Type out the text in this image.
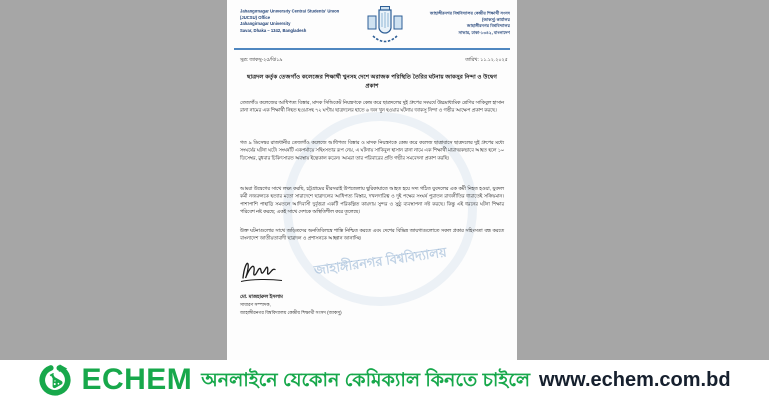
জাহাঙ্গীরনগর বিশ্ববিদ্যালয়
Jahangirnagar University Central Students' Union
(JUCSU) Office
Jahangirnagar University
Savar, Dhaka – 1342, Bangladesh
জাহাঙ্গীরনগর বিশ্ববিদ্যালয় কেন্দ্রীয় শিক্ষার্থী সংসদ
(জাকসু) কার্যালয়
জাহাঙ্গীরনগর বিশ্ববিদ্যালয়
সাভার, ঢাকা-১৩৪২, বাংলাদেশ
সূত্র: জাকসু-২৫/বি/১৯	তারিখ: ১১.১২.২০২৫
ছাত্রদল কর্তৃক তেজগাঁও কলেজের শিক্ষার্থী খুনসহ দেশে অরাজক পরিস্থিতি তৈরির ঘটনায় জাকসুর নিন্দা ও উদ্বেগ প্রকাশ
তেজগাঁও কলেজের আধিপত্য বিস্তার, মাদক সিন্ডিকেট নিয়ন্ত্রণকে কেন্দ্র করে ছাত্রদলের দুই গ্রুপের সংঘর্ষে উচ্চমাধ্যমিক শ্রেণির সাকিবুল হাসান রানা নামের এক শিক্ষার্থী নিহত হওয়াসহ ৭২ ঘণ্টায় ছাত্রদলের হাতে ৬ জন খুন হওয়ার ঘটনায় জাকসু নিন্দা ও গভীর আক্ষেপ প্রকাশ করছে।
গত ৯ ডিসেম্বর রাজধানীর তেজগাঁও কলেজে আধিপত্য বিস্তার ও মাদক নিয়ন্ত্রণকে কেন্দ্র করে কলেজ ছাত্রাবাসে ছাত্রদলের দুই গ্রুপের মধ্যে সংঘর্ষের ঘটনা ঘটে। সংঘর্ষটি একপর্যায়ে সহিংসতার রূপ নেয়, এ ঘটনায় সাকিবুল হাসান রানা নামে এক শিক্ষার্থী মারাত্মকভাবে আহত হলে ১০ ডিসেম্বর, বুধবার চিকিৎসারত অবস্থায় ইন্তেকাল করেন। আমরা তার পরিবারের প্রতি গভীর সমবেদনা প্রকাশ করছি।
আমরা উদ্বেগের সাথে লক্ষ্য করছি, চট্টগ্রামের মীরসরাই উপজেলায় ছুরিকাঘাতে আহত হয়ে সদ্য গঠিত যুবদলের এক কর্মী নিহত হওয়া, যুবদল কর্মী নজরুলকে হত্যার মতো সারাদেশে ছাত্রদলের আধিপত্য বিস্তার, দখলদারিত্ব ও দুই পক্ষের সংঘর্ষ পুরাতন রাজনীতির ধারাতেই সক্রিয়মান। পাশাপাশি পাহাড়ি সমতলে আদিবাসী দুর্বৃত্তরা একটি পরিকল্পিত কায়দায় সুন্দর ও সুষ্ঠু ব্যবস্থাপনা নষ্ট করছে। কিন্তু এই ধরনের ঘটনা শিক্ষার পরিবেশ নষ্ট করছে; একই সাথে দেশকে অস্থিতিশীল করে তুলেছে।
উক্ত ঘটনাগুলোর সাথে জড়িতদের অনতিবিলম্বে শাস্তি নিশ্চিত করতে এবং দেশের বিভিন্ন জায়গাগুলোতে সকল প্রকার সহিংসতা বন্ধ করতে বাংলাদেশ জাতীয়তাবাদী ছাত্রদল ও প্রশাসনকে আহ্বান জানাচ্ছি।
মো. মাজহারুল ইসলাম
সাধারণ সম্পাদক,
জাহাঙ্গীরনগর বিশ্ববিদ্যালয় কেন্দ্রীয় শিক্ষার্থী সংসদ (জাকসু)
ECHEM অনলাইনে যেকোন কেমিক্যাল কিনতে চাইলে www.echem.com.bd
